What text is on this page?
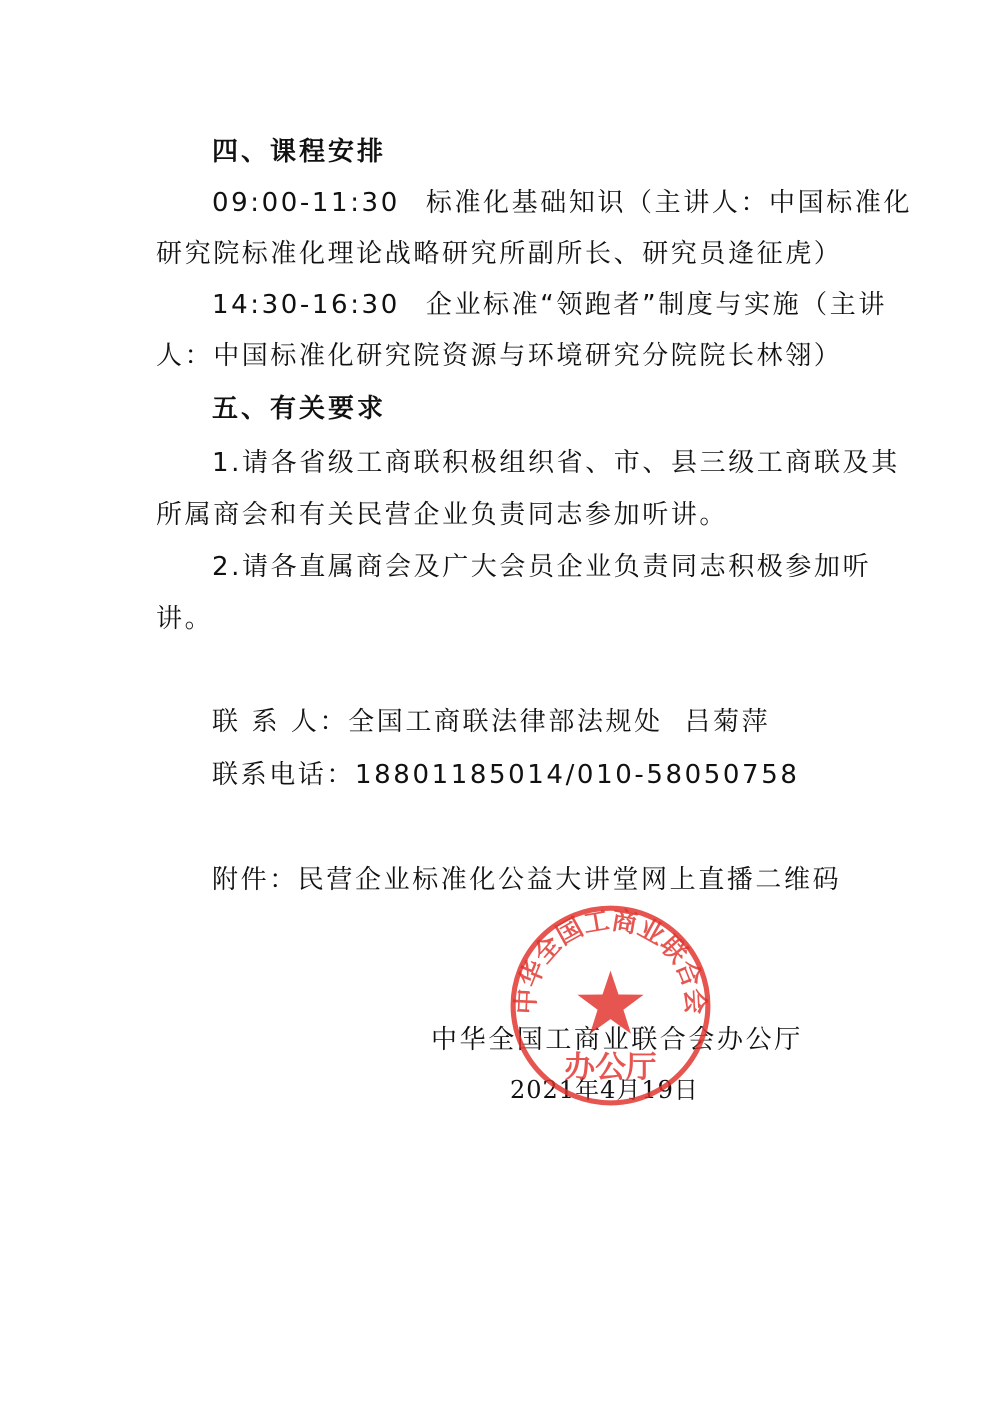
四、课程安排
09:00-11:30 标准化基础知识（主讲人：中国标准化
研究院标准化理论战略研究所副所长、研究员逄征虎）
14:30-16:30 企业标准“领跑者”制度与实施（主讲
人：中国标准化研究院资源与环境研究分院院长林翎）
五、有关要求
1.请各省级工商联积极组织省、市、县三级工商联及其
所属商会和有关民营企业负责同志参加听讲。
2.请各直属商会及广大会员企业负责同志积极参加听
讲。
联 系 人：全国工商联法律部法规处  吕菊萍
联系电话：18801185014/010-58050758
附件：民营企业标准化公益大讲堂网上直播二维码
中华全国工商业联合会办公厅
2021年4月19日
中华全国工商业联合会
办公厅
